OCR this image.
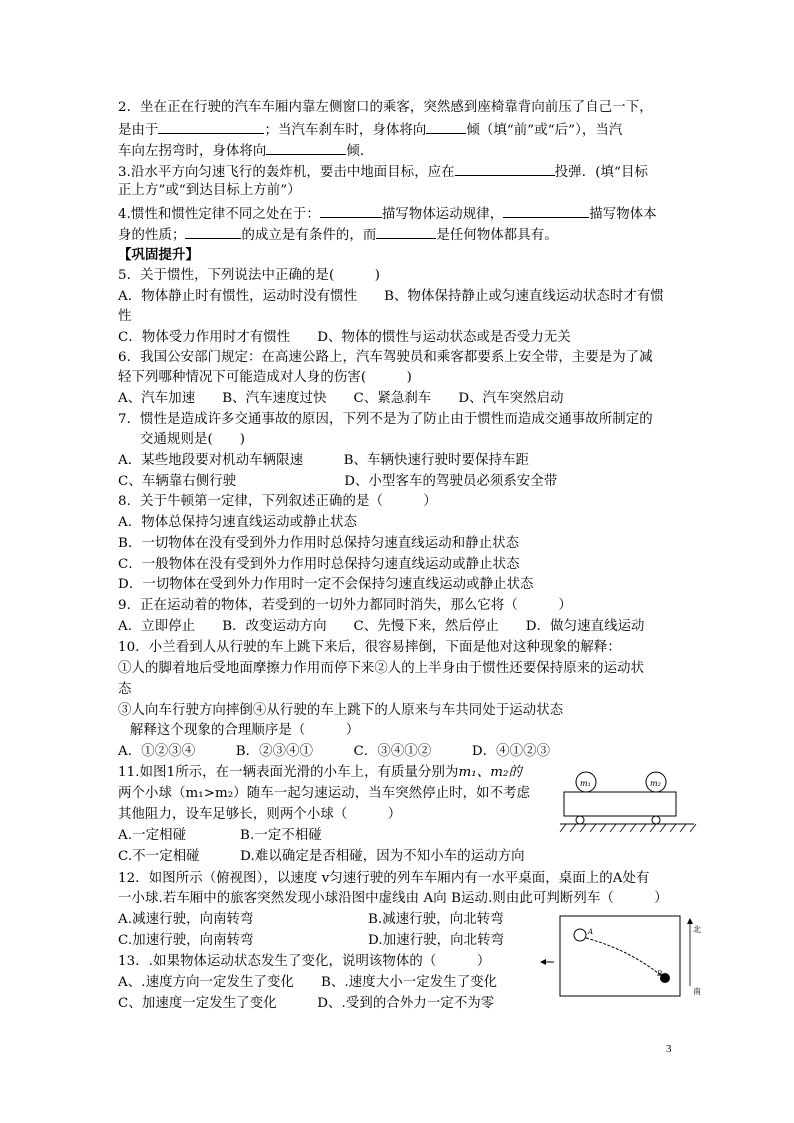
2．坐在正在行驶的汽车车厢内靠左侧窗口的乘客，突然感到座椅靠背向前压了自己一下，
是由于	；当汽车刹车时，身体将向	倾（填“前”或“后”），当汽
车向左拐弯时，身体将向	倾．
3.沿水平方向匀速飞行的轰炸机，要击中地面目标，应在	投弹．(填“目标
正上方”或“到达目标上方前”）
4.惯性和惯性定律不同之处在于：	描写物体运动规律，	描写物体本
身的性质；	的成立是有条件的，而	是任何物体都具有。
【巩固提升】
5．关于惯性，下列说法中正确的是(　　　)
A．物体静止时有惯性，运动时没有惯性　　B、物体保持静止或匀速直线运动状态时才有惯
性
C．物体受力作用时才有惯性　　D、物体的惯性与运动状态或是否受力无关
6．我国公安部门规定：在高速公路上，汽车驾驶员和乘客都要系上安全带，主要是为了减
轻下列哪种情况下可能造成对人身的伤害(　　　)
A、汽车加速　　B、汽车速度过快　　C、紧急刹车　　D、汽车突然启动
7．惯性是造成许多交通事故的原因，下列不是为了防止由于惯性而造成交通事故所制定的
交通规则是(　　)
A．某些地段要对机动车辆限速　　　B、车辆快速行驶时要保持车距
C、车辆靠右侧行驶　　　　　　　　D、小型客车的驾驶员必须系安全带
8．关于牛顿第一定律，下列叙述正确的是（　　　）
A．物体总保持匀速直线运动或静止状态
B．一切物体在没有受到外力作用时总保持匀速直线运动和静止状态
C．一般物体在没有受到外力作用时总保持匀速直线运动或静止状态
D．一切物体在受到外力作用时一定不会保持匀速直线运动或静止状态
9．正在运动着的物体，若受到的一切外力都同时消失，那么它将（　　　）
A．立即停止　　B．改变运动方向　　C、先慢下来，然后停止　　D．做匀速直线运动
10．小兰看到人从行驶的车上跳下来后，很容易摔倒，下面是他对这种现象的解释：
①人的脚着地后受地面摩擦力作用而停下来②人的上半身由于惯性还要保持原来的运动状
态
③人向车行驶方向摔倒④从行驶的车上跳下的人原来与车共同处于运动状态
解释这个现象的合理顺序是（　　　）
A．①②③④　　　B．②③④①　　　C．③④①②　　　D．④①②③
11.如图1所示，在一辆表面光滑的小车上，有质量分别为m₁、m₂的
两个小球（m₁>m₂）随车一起匀速运动，当车突然停止时，如不考虑
其他阻力，设车足够长，则两个小球（　　　）
A.一定相碰　　　　B.一定不相碰
C.不一定相碰　　　D.难以确定是否相碰，因为不知小车的运动方向
m₁	m₂
12．如图所示（俯视图），以速度 v匀速行驶的列车车厢内有一水平桌面，桌面上的A处有
一小球.若车厢中的旅客突然发现小球沿图中虚线由 A向 B运动.则由此可判断列车（　　　）
A.减速行驶，向南转弯	B.减速行驶，向北转弯
C.加速行驶，向南转弯	D.加速行驶，向北转弯
A
B
北
南
13．.如果物体运动状态发生了变化，说明该物体的（　　　）
A、.速度方向一定发生了变化　　B、.速度大小一定发生了变化
C、加速度一定发生了变化　　　D、.受到的合外力一定不为零
3
